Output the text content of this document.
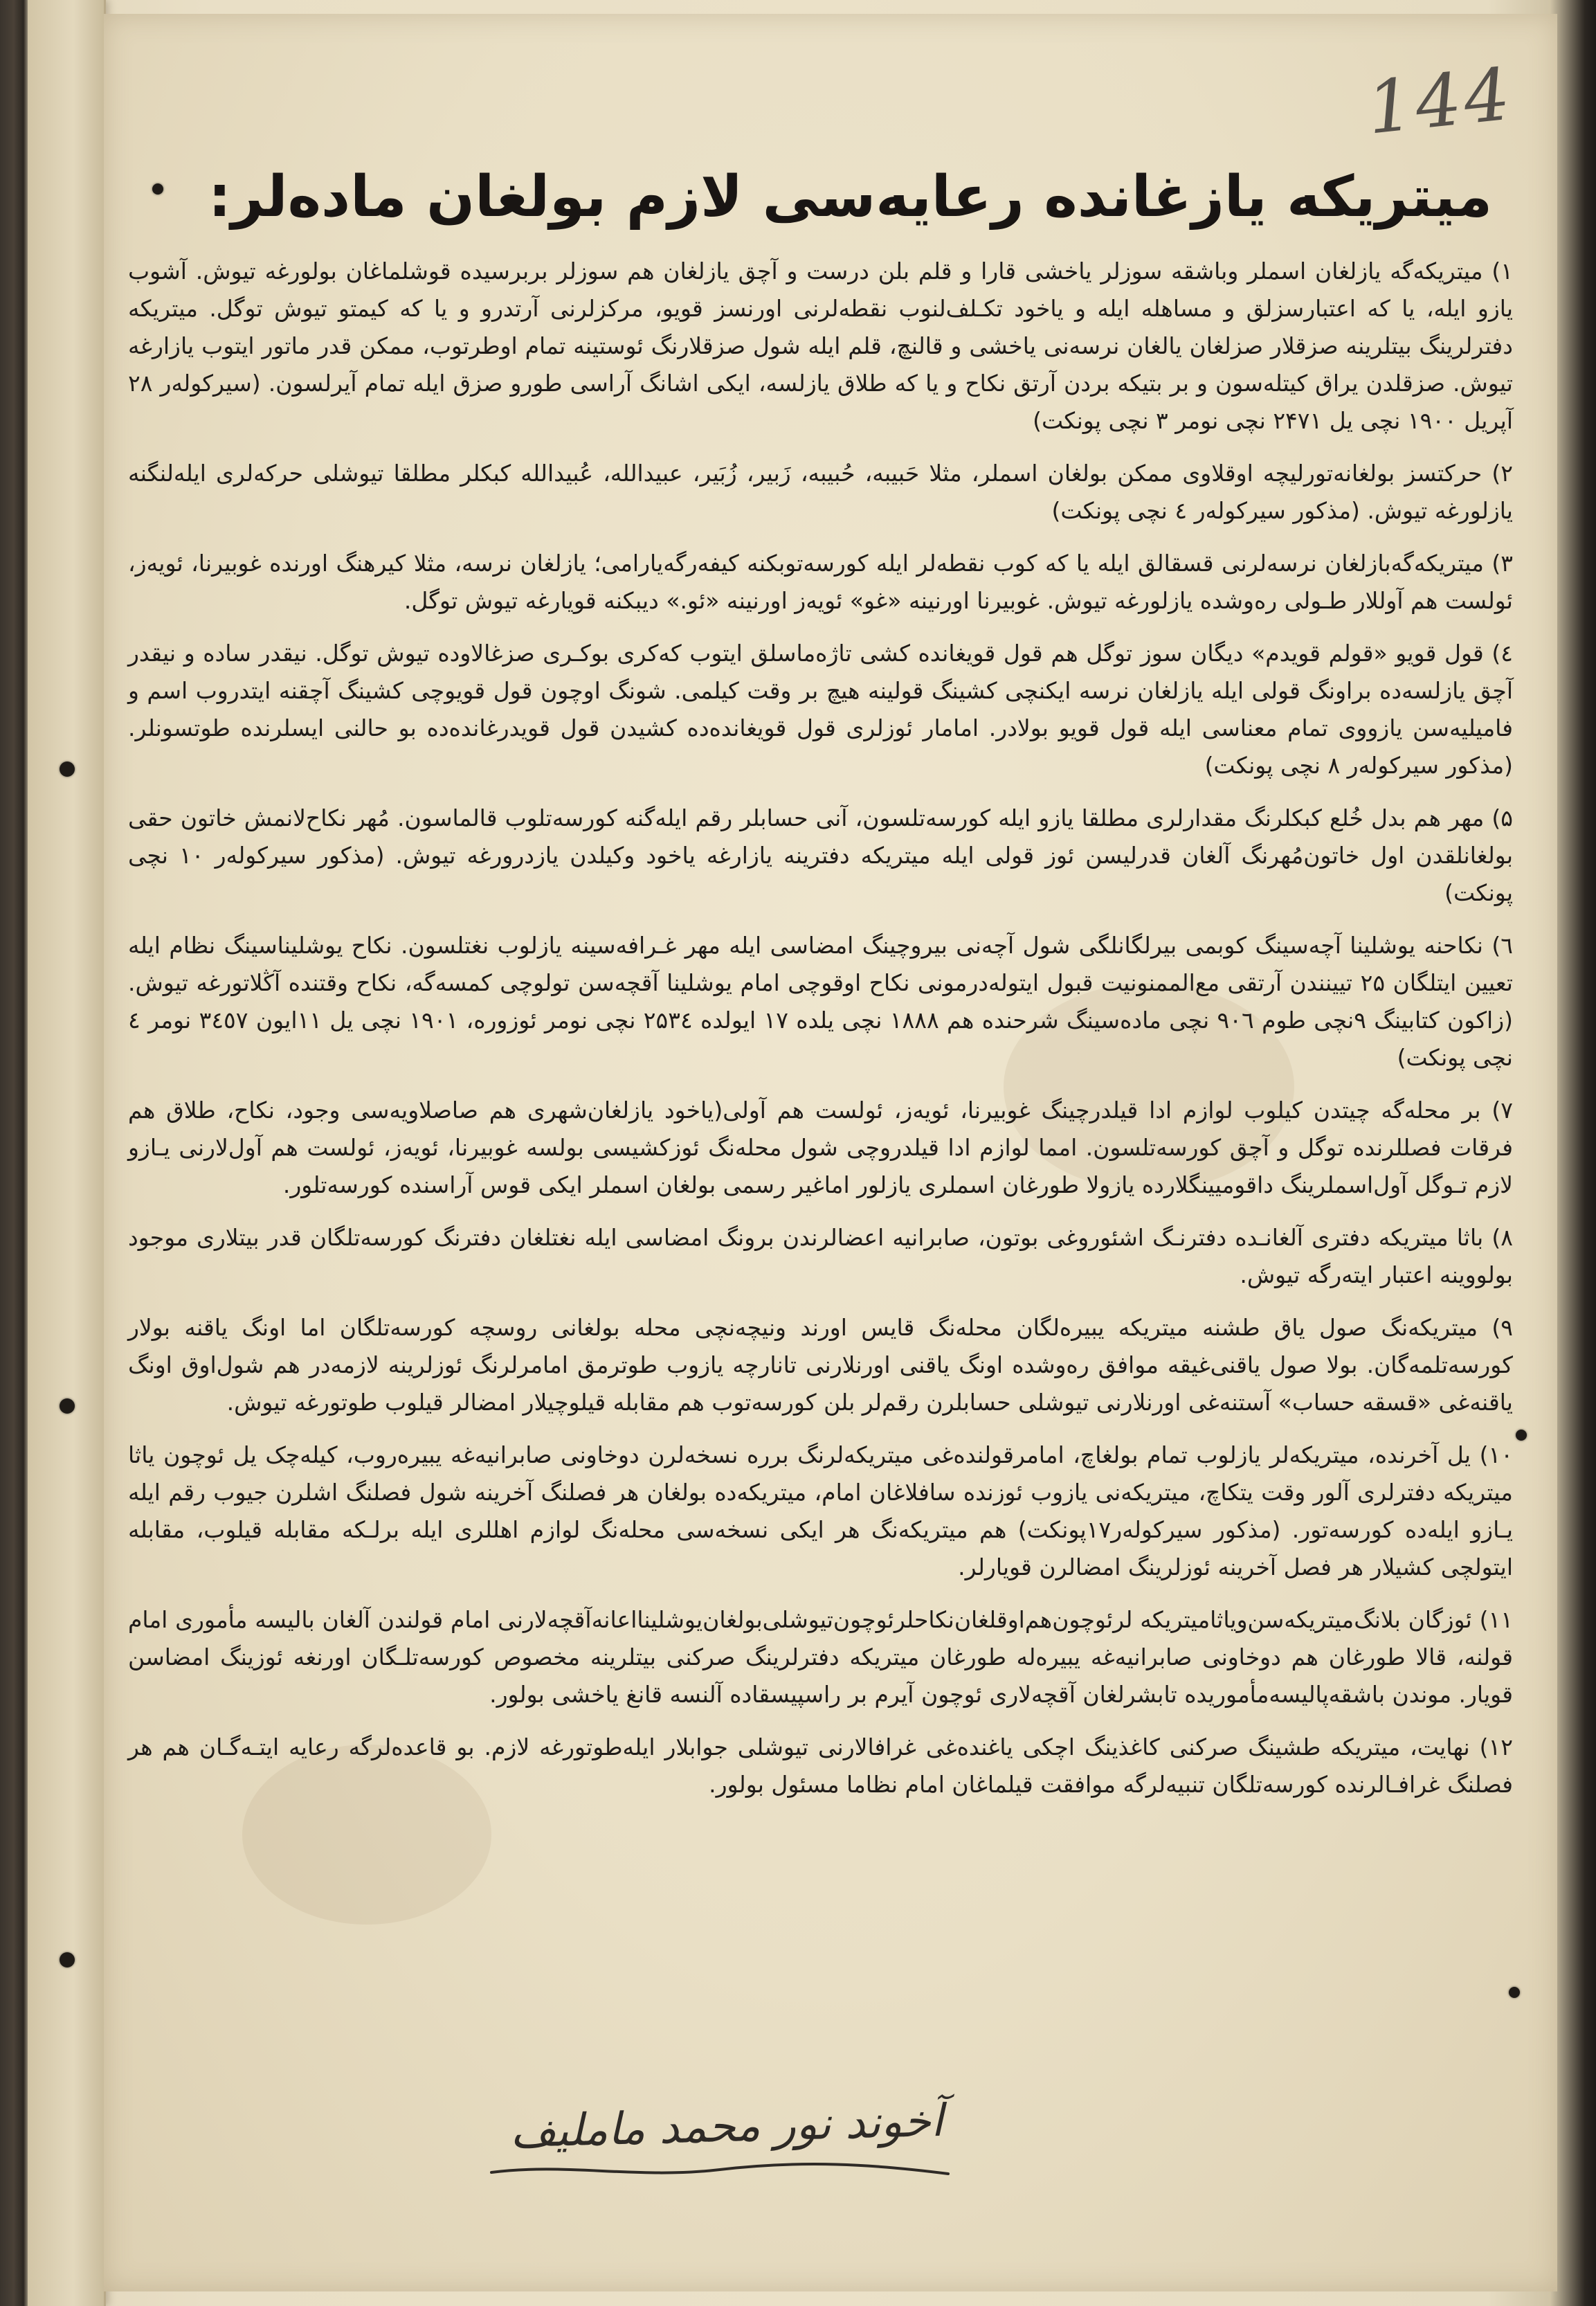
144
میتریکه یازغانده رعایه‌سی لازم بولغان ماده‌لر:

۱) میتریکه‌گه یازلغان اسملر وباشقه سوزلر یاخشی قارا و قلم بلن درست و آچق یازلغان هم سوزلر بر‌برسیده قوشلماغان بولورغه تیوش. آشوب یازو ایله، یا که اعتبار‌سزلق و مساهله ایله و یاخود تکـلف‌لنوب نقطه‌لرنی اورنسز قویو، مرکزلرنی آرتدرو و یا که کیمتو تیوش توگل. میتریکه دفترلرینگ بیتلرینه صزقلار صزلغان یالغان نرسه‌نی یاخشی و قالنچ، قلم ایله شول صزقلارنگ ئوستینه تمام اوطرتوب، ممکن قدر ماتور ایتوب یازارغه تیوش. صزقلدن یراق کیتله‌سون و بر بتیکه بردن آرتق نکاح و یا که طلاق یازلسه، ایکی اشانگ آراسی طورو صزق ایله تمام آیرلسون. (سیرکوله‌ر ۲۸ آپریل ۱۹۰۰ نچی یل ۲۴۷۱ نچی نومر ۳ نچی پونکت)

۲) حرکتسز بولغانه‌تورلیچه اوقلاوی ممکن بولغان اسملر، مثلا حَبیبه، حُبیبه، زَبیر، زُبَیر، عبیدالله، عُبیدالله کبکلر مطلقا تیوشلی حرکه‌لری ایله‌لنگنه یازلورغه تیوش. (مذکور سیرکوله‌ر ٤ نچی پونکت)

۳) میتریکه‌گه‌بازلغان نرسه‌لرنی قسقالق ایله یا که کوب نقطه‌لر ایله کورسه‌توبکنه کیفه‌رگه‌یارامی؛ یازلغان نرسه، مثلا کیرهنگ اورنده غوبیرنا، ئویه‌ز، ئولست هم آوللار طـولی ره‌وشده یازلورغه تیوش. غوبیرنا اورنینه «غو» ئویه‌ز اورنینه «ئو.» دیبکنه قویارغه تیوش توگل.

٤) قول قویو «قولم قویدم» دیگان سوز توگل هم قول قویغانده کشی تاژه‌ماسلق ایتوب که‌کری بوکـری صزغالاوده تیوش توگل. نیقدر ساده و نیقدر آچق یازلسه‌ده براونگ قولی ایله یازلغان نرسه ایکنچی کشینگ قولینه هیچ بر وقت کیلمی. شونگ اوچون قول قویوچی کشینگ آچقنه ایتدروب اسم و فامیلیه‌سن یازووی تمام معناسی ایله قول قویو بولادر. امامار ئوزلری قول قویغانده‌ده کشیدن قول قویدرغانده‌ده بو حالنی ایسلرنده طوتسونلر. (مذکور سیرکوله‌ر ۸ نچی پونکت)

۵) مهر هم بدل خُلع کبکلرنگ مقدارلری مطلقا یازو ایله کورسه‌تلسون، آنی حسابلر رقم ایله‌گنه کورسه‌تلوب قالماسون. مُهر نکاح‌لانمش خاتون حقی بولغانلقدن اول خاتون‌مُهرنگ آلغان قدرلیسن ئوز قولی ایله میتریکه دفترینه یازارغه یاخود وکیلدن یازدرورغه تیوش. (مذکور سیرکوله‌ر ۱۰ نچی پونکت)

٦) نکاحنه یوشلینا آچه‌سینگ کوبمی بیرلگانلگی شول آچه‌نی بیروچینگ امضاسی ایله مهر غـرافه‌سینه یازلوب نغتلسون. نکاح یوشلیناسینگ نظام ایله تعیین ایتلگان ۲۵ تیینندن آرتقی مع‌الممنونیت قبول ایتوله‌درمونی نکاح اوقوچی امام یوشلینا آقچه‌سن تولوچی کمسه‌گه، نکاح وقتنده آڭلاتورغه تیوش. (زاکون کتابینگ ۹نچی طوم ۹۰٦ نچی ماده‌سینگ شرحنده هم ۱۸۸۸ نچی یلده ۱۷ ایولده ۲۵۳٤ نچی نومر ئوزوره، ۱۹۰۱ نچی یل ۱۱ایون ۳٤٥۷ نومر ٤ نچی پونکت)

۷) بر محله‌گه چیتدن کیلوب لوازم ادا قیلدرچینگ غوبیرنا، ئویه‌ز، ئولست هم آولی(یاخود یازلغان‌شهری هم صاصلاویه‌سی وجود، نکاح، طلاق هم فرقات فصللرنده توگل و آچق کورسه‌تلسون. امما لوازم ادا قیلدروچی شول محله‌نگ ئوزکشیسی بولسه غوبیرنا، ئویه‌ز، ئولست هم آول‌لارنی یـازو لازم تـوگل آول‌اسملرینگ داقومیینگلارده یازولا طورغان اسملری یازلور اماغیر رسمی بولغان اسملر ایکی قوس آراسنده کورسه‌تلور.

۸) با‌ثا میتریکه دفتری آلغانـده دفترنـگ اشئوروغی بوتون، صابرانیه اعضالرندن برونگ امضاسی ایله نغتلغان دفترنگ کورسه‌تلگان قدر بیتلاری موجود بولووینه اعتبار ایته‌رگه تیوش.

۹) میتریکه‌نگ صول یاق طشنه میتریکه یبیره‌لگان محله‌نگ قایس اورند ونیچه‌نچی محله بولغانی روسچه کورسه‌تلگان اما اونگ یاقنه بولار کورسه‌تلمه‌گان. بولا صول یاقنی‌غیقه موافق ره‌وشده اونگ یاقنی اورنلارنی تانارچه یازوب طوترمق امامرلرنگ ئوزلرینه لازمه‌در هم شول‌اوق اونگ یاقنه‌غی «قسقه حساب» آستنه‌غی اورنلارنی تیوشلی حسابلرن رقم‌لر بلن کورسه‌توب هم مقابله قیلوچیلار امضالر قیلوب طوتورغه تیوش.

۱۰) یل آخرنده، میتریکه‌لر یازلوب تمام بولغاچ، امامرقولنده‌غی میتریکه‌لرنگ بر‌ره نسخه‌لرن دوخاونی صابرانیه‌غه یبیره‌روب، کیله‌چک یل ئوچون یا‌ثا میتریکه دفترلری آلور وقت یتکاچ، میتریکه‌نی یازوب ئوزنده سافلاغان امام، میتریکه‌ده بولغان هر فصلنگ آخرینه شول فصلنگ اشلرن جیوب رقم ایله یـازو ایله‌ده کورسه‌تور. (مذکور سیرکوله‌ر۱۷پونکت) هم میتریکه‌نگ هر ایکی نسخه‌سی محله‌نگ لوازم اهللری ایله برلـکه مقابله قیلوب، مقابله ایتولچی کشیلار هر فصل آخرینه ئوزلرینگ امضالرن قویارلر.

۱۱) ئوزگان بلانگ‌میتریکه‌سن‌و‌یا‌ثامیتریکه لرئوچون‌هم‌اوقلغان‌نکاحلرئوچون‌تیوشلی‌بولغان‌یوشلینا‌اعانه‌آقچه‌لارنی امام قولندن آلغان بالیسه مأموری امام قولنه، قالا طورغان هم دوخاونی صابرانیه‌غه یبیره‌له طورغان میتریکه دفترلرینگ صرکنی بیتلرینه مخصوص کورسه‌تلـگان اورنغه ئوزینگ امضاسن قویار. موندن باشقه‌پالیسه‌مأموریده تابشرلغان آقچه‌لاری ئوچون آیرم بر راسپیسقاده آلنسه قانغ یاخشی بولور.

۱۲) نهایت، میتریکه طشینگ صرکنی کاغذینگ اچکی یاغنده‌غی غرافالارنی تیوشلی جوابلار ایله‌طوتورغه لازم. بو قاعده‌لرگه رعایه ایتـه‌گـان هم هر فصلنگ غرافـالرنده کورسه‌تلگان تنبیه‌لرگه موافقت قیلماغان امام نظاما مسئول بولور.

آخوند نور محمد مامليف
